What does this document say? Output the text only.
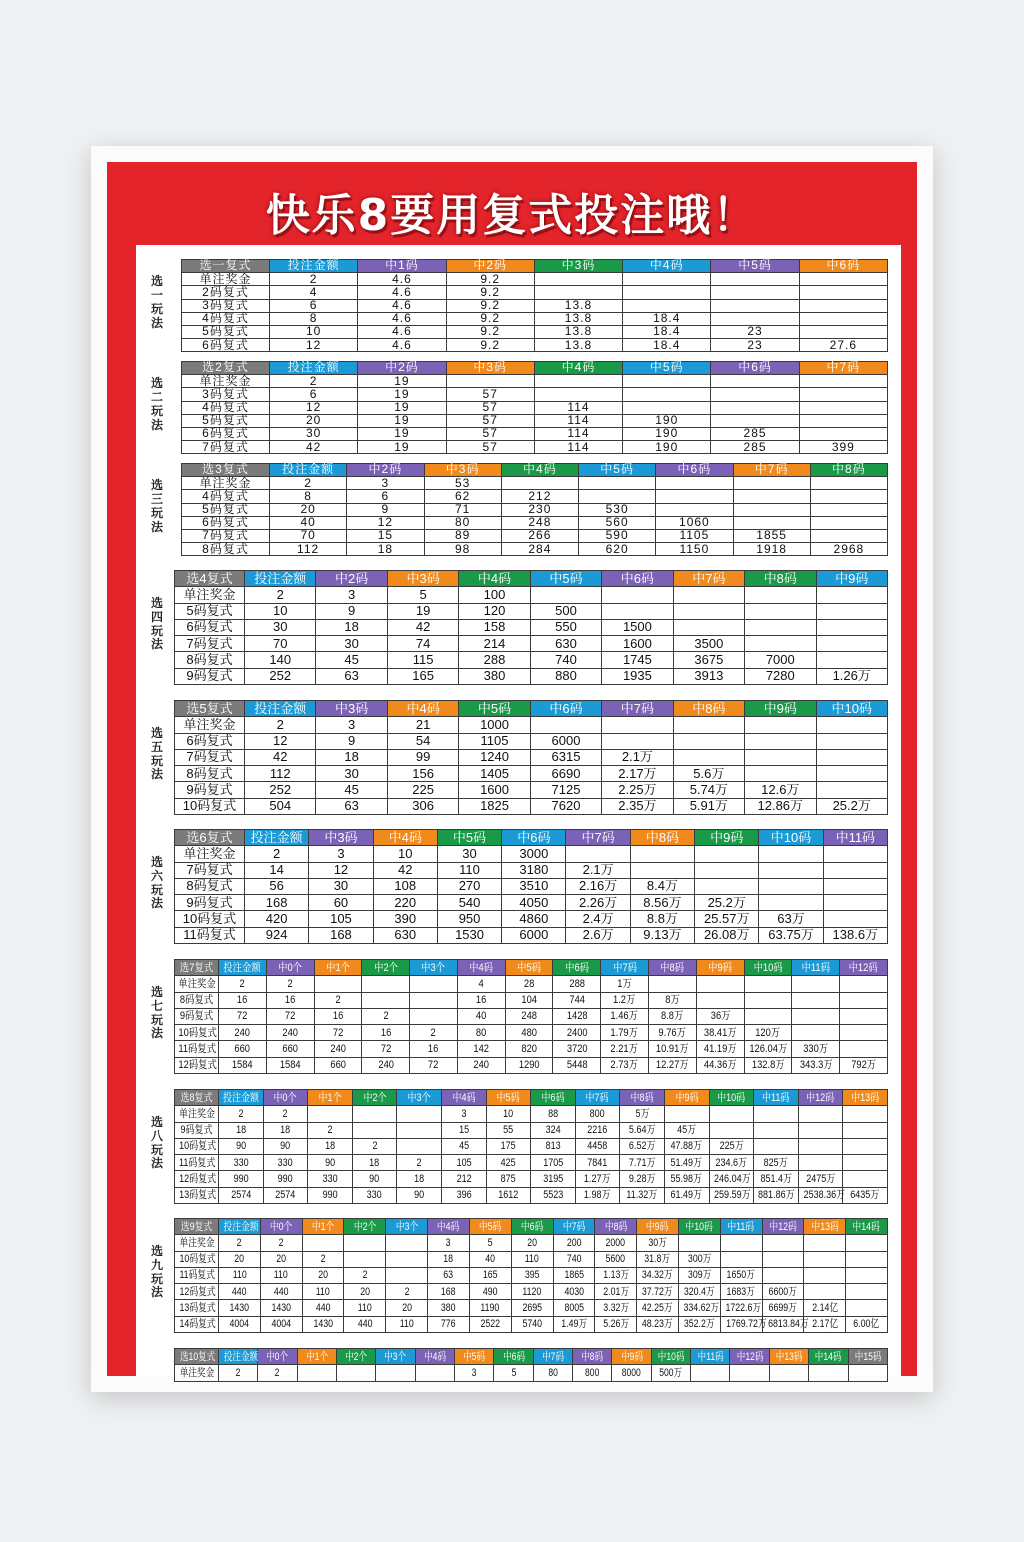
快乐8要用复式投注哦！
选一玩法
选一复式	投注金额	中1码	中2码	中3码	中4码	中5码	中6码
单注奖金	2	4.6	9.2				
2码复式	4	4.6	9.2				
3码复式	6	4.6	9.2	13.8			
4码复式	8	4.6	9.2	13.8	18.4		
5码复式	10	4.6	9.2	13.8	18.4	23	
6码复式	12	4.6	9.2	13.8	18.4	23	27.6
选二玩法
选2复式	投注金额	中2码	中3码	中4码	中5码	中6码	中7码
单注奖金	2	19					
3码复式	6	19	57				
4码复式	12	19	57	114			
5码复式	20	19	57	114	190		
6码复式	30	19	57	114	190	285	
7码复式	42	19	57	114	190	285	399
选三玩法
选3复式	投注金额	中2码	中3码	中4码	中5码	中6码	中7码	中8码
单注奖金	2	3	53					
4码复式	8	6	62	212				
5码复式	20	9	71	230	530			
6码复式	40	12	80	248	560	1060		
7码复式	70	15	89	266	590	1105	1855	
8码复式	112	18	98	284	620	1150	1918	2968
选四玩法
选4复式	投注金额	中2码	中3码	中4码	中5码	中6码	中7码	中8码	中9码
单注奖金	2	3	5	100					
5码复式	10	9	19	120	500				
6码复式	30	18	42	158	550	1500			
7码复式	70	30	74	214	630	1600	3500		
8码复式	140	45	115	288	740	1745	3675	7000	
9码复式	252	63	165	380	880	1935	3913	7280	1.26万
选五玩法
选5复式	投注金额	中3码	中4码	中5码	中6码	中7码	中8码	中9码	中10码
单注奖金	2	3	21	1000					
6码复式	12	9	54	1105	6000				
7码复式	42	18	99	1240	6315	2.1万			
8码复式	112	30	156	1405	6690	2.17万	5.6万		
9码复式	252	45	225	1600	7125	2.25万	5.74万	12.6万	
10码复式	504	63	306	1825	7620	2.35万	5.91万	12.86万	25.2万
选六玩法
选6复式	投注金额	中3码	中4码	中5码	中6码	中7码	中8码	中9码	中10码	中11码
单注奖金	2	3	10	30	3000					
7码复式	14	12	42	110	3180	2.1万				
8码复式	56	30	108	270	3510	2.16万	8.4万			
9码复式	168	60	220	540	4050	2.26万	8.56万	25.2万		
10码复式	420	105	390	950	4860	2.4万	8.8万	25.57万	63万	
11码复式	924	168	630	1530	6000	2.6万	9.13万	26.08万	63.75万	138.6万
选七玩法
选7复式	投注金额	中0个	中1个	中2个	中3个	中4码	中5码	中6码	中7码	中8码	中9码	中10码	中11码	中12码
单注奖金	2	2				4	28	288	1万					
8码复式	16	16	2			16	104	744	1.2万	8万				
9码复式	72	72	16	2		40	248	1428	1.46万	8.8万	36万			
10码复式	240	240	72	16	2	80	480	2400	1.79万	9.76万	38.41万	120万		
11码复式	660	660	240	72	16	142	820	3720	2.21万	10.91万	41.19万	126.04万	330万	
12码复式	1584	1584	660	240	72	240	1290	5448	2.73万	12.27万	44.36万	132.8万	343.3万	792万
选八玩法
选8复式	投注金额	中0个	中1个	中2个	中3个	中4码	中5码	中6码	中7码	中8码	中9码	中10码	中11码	中12码	中13码
单注奖金	2	2				3	10	88	800	5万					
9码复式	18	18	2			15	55	324	2216	5.64万	45万				
10码复式	90	90	18	2		45	175	813	4458	6.52万	47.88万	225万			
11码复式	330	330	90	18	2	105	425	1705	7841	7.71万	51.49万	234.6万	825万		
12码复式	990	990	330	90	18	212	875	3195	1.27万	9.28万	55.98万	246.04万	851.4万	2475万	
13码复式	2574	2574	990	330	90	396	1612	5523	1.98万	11.32万	61.49万	259.59万	881.86万	2538.36万	6435万
选九玩法
选9复式	投注金额	中0个	中1个	中2个	中3个	中4码	中5码	中6码	中7码	中8码	中9码	中10码	中11码	中12码	中13码	中14码
单注奖金	2	2				3	5	20	200	2000	30万					
10码复式	20	20	2			18	40	110	740	5600	31.8万	300万				
11码复式	110	110	20	2		63	165	395	1865	1.13万	34.32万	309万	1650万			
12码复式	440	440	110	20	2	168	490	1120	4030	2.01万	37.72万	320.4万	1683万	6600万		
13码复式	1430	1430	440	110	20	380	1190	2695	8005	3.32万	42.25万	334.62万	1722.6万	6699万	2.14亿	
14码复式	4004	4004	1430	440	110	776	2522	5740	1.49万	5.26万	48.23万	352.2万	1769.72万	6813.84万	2.17亿	6.00亿
选10复式	投注金额	中0个	中1个	中2个	中3个	中4码	中5码	中6码	中7码	中8码	中9码	中10码	中11码	中12码	中13码	中14码	中15码
单注奖金	2	2					3	5	80	800	8000	500万					
